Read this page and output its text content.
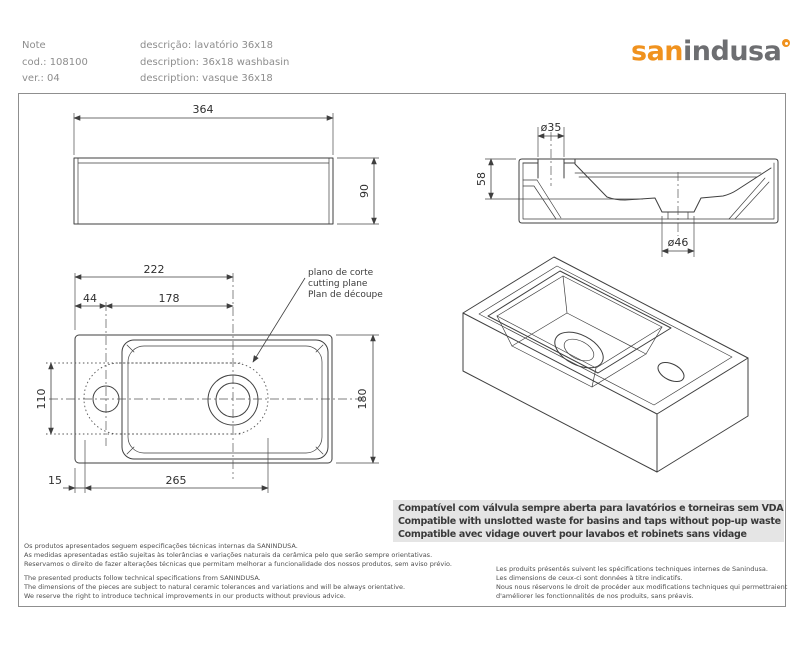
Note
cod.: 108100
ver.: 04
descrição: lavatório 36x18
description: 36x18 washbasin
description: vasque 36x18
sanindusa
364
90
ø35
58
ø46
222
44	178
110
15	265
180
plano de corte
cutting plane
Plan de découpe
Compatível com válvula sempre aberta para lavatórios e torneiras sem VDA
Compatible with unslotted waste for basins and taps without pop-up waste
Compatible avec vidage ouvert pour lavabos et robinets sans vidage
Os produtos apresentados seguem especificações técnicas internas da SANINDUSA.
As medidas apresentadas estão sujeitas às tolerâncias e variações naturais da cerâmica pelo que serão sempre orientativas.
Reservamos o direito de fazer alterações técnicas que permitam melhorar a funcionalidade dos nossos produtos, sem aviso prévio.
The presented products follow technical specifications from SANINDUSA.
The dimensions of the pieces are subject to natural ceramic tolerances and variations and will be always orientative.
We reserve the right to introduce technical improvements in our products without previous advice.
Les produits présentés suivent les spécifications techniques internes de Sanindusa.
Les dimensions de ceux-ci sont données à titre indicatifs.
Nous nous réservons le droit de procéder aux modifications techniques qui permettraient
d'améliorer les fonctionnalités de nos produits, sans préavis.
